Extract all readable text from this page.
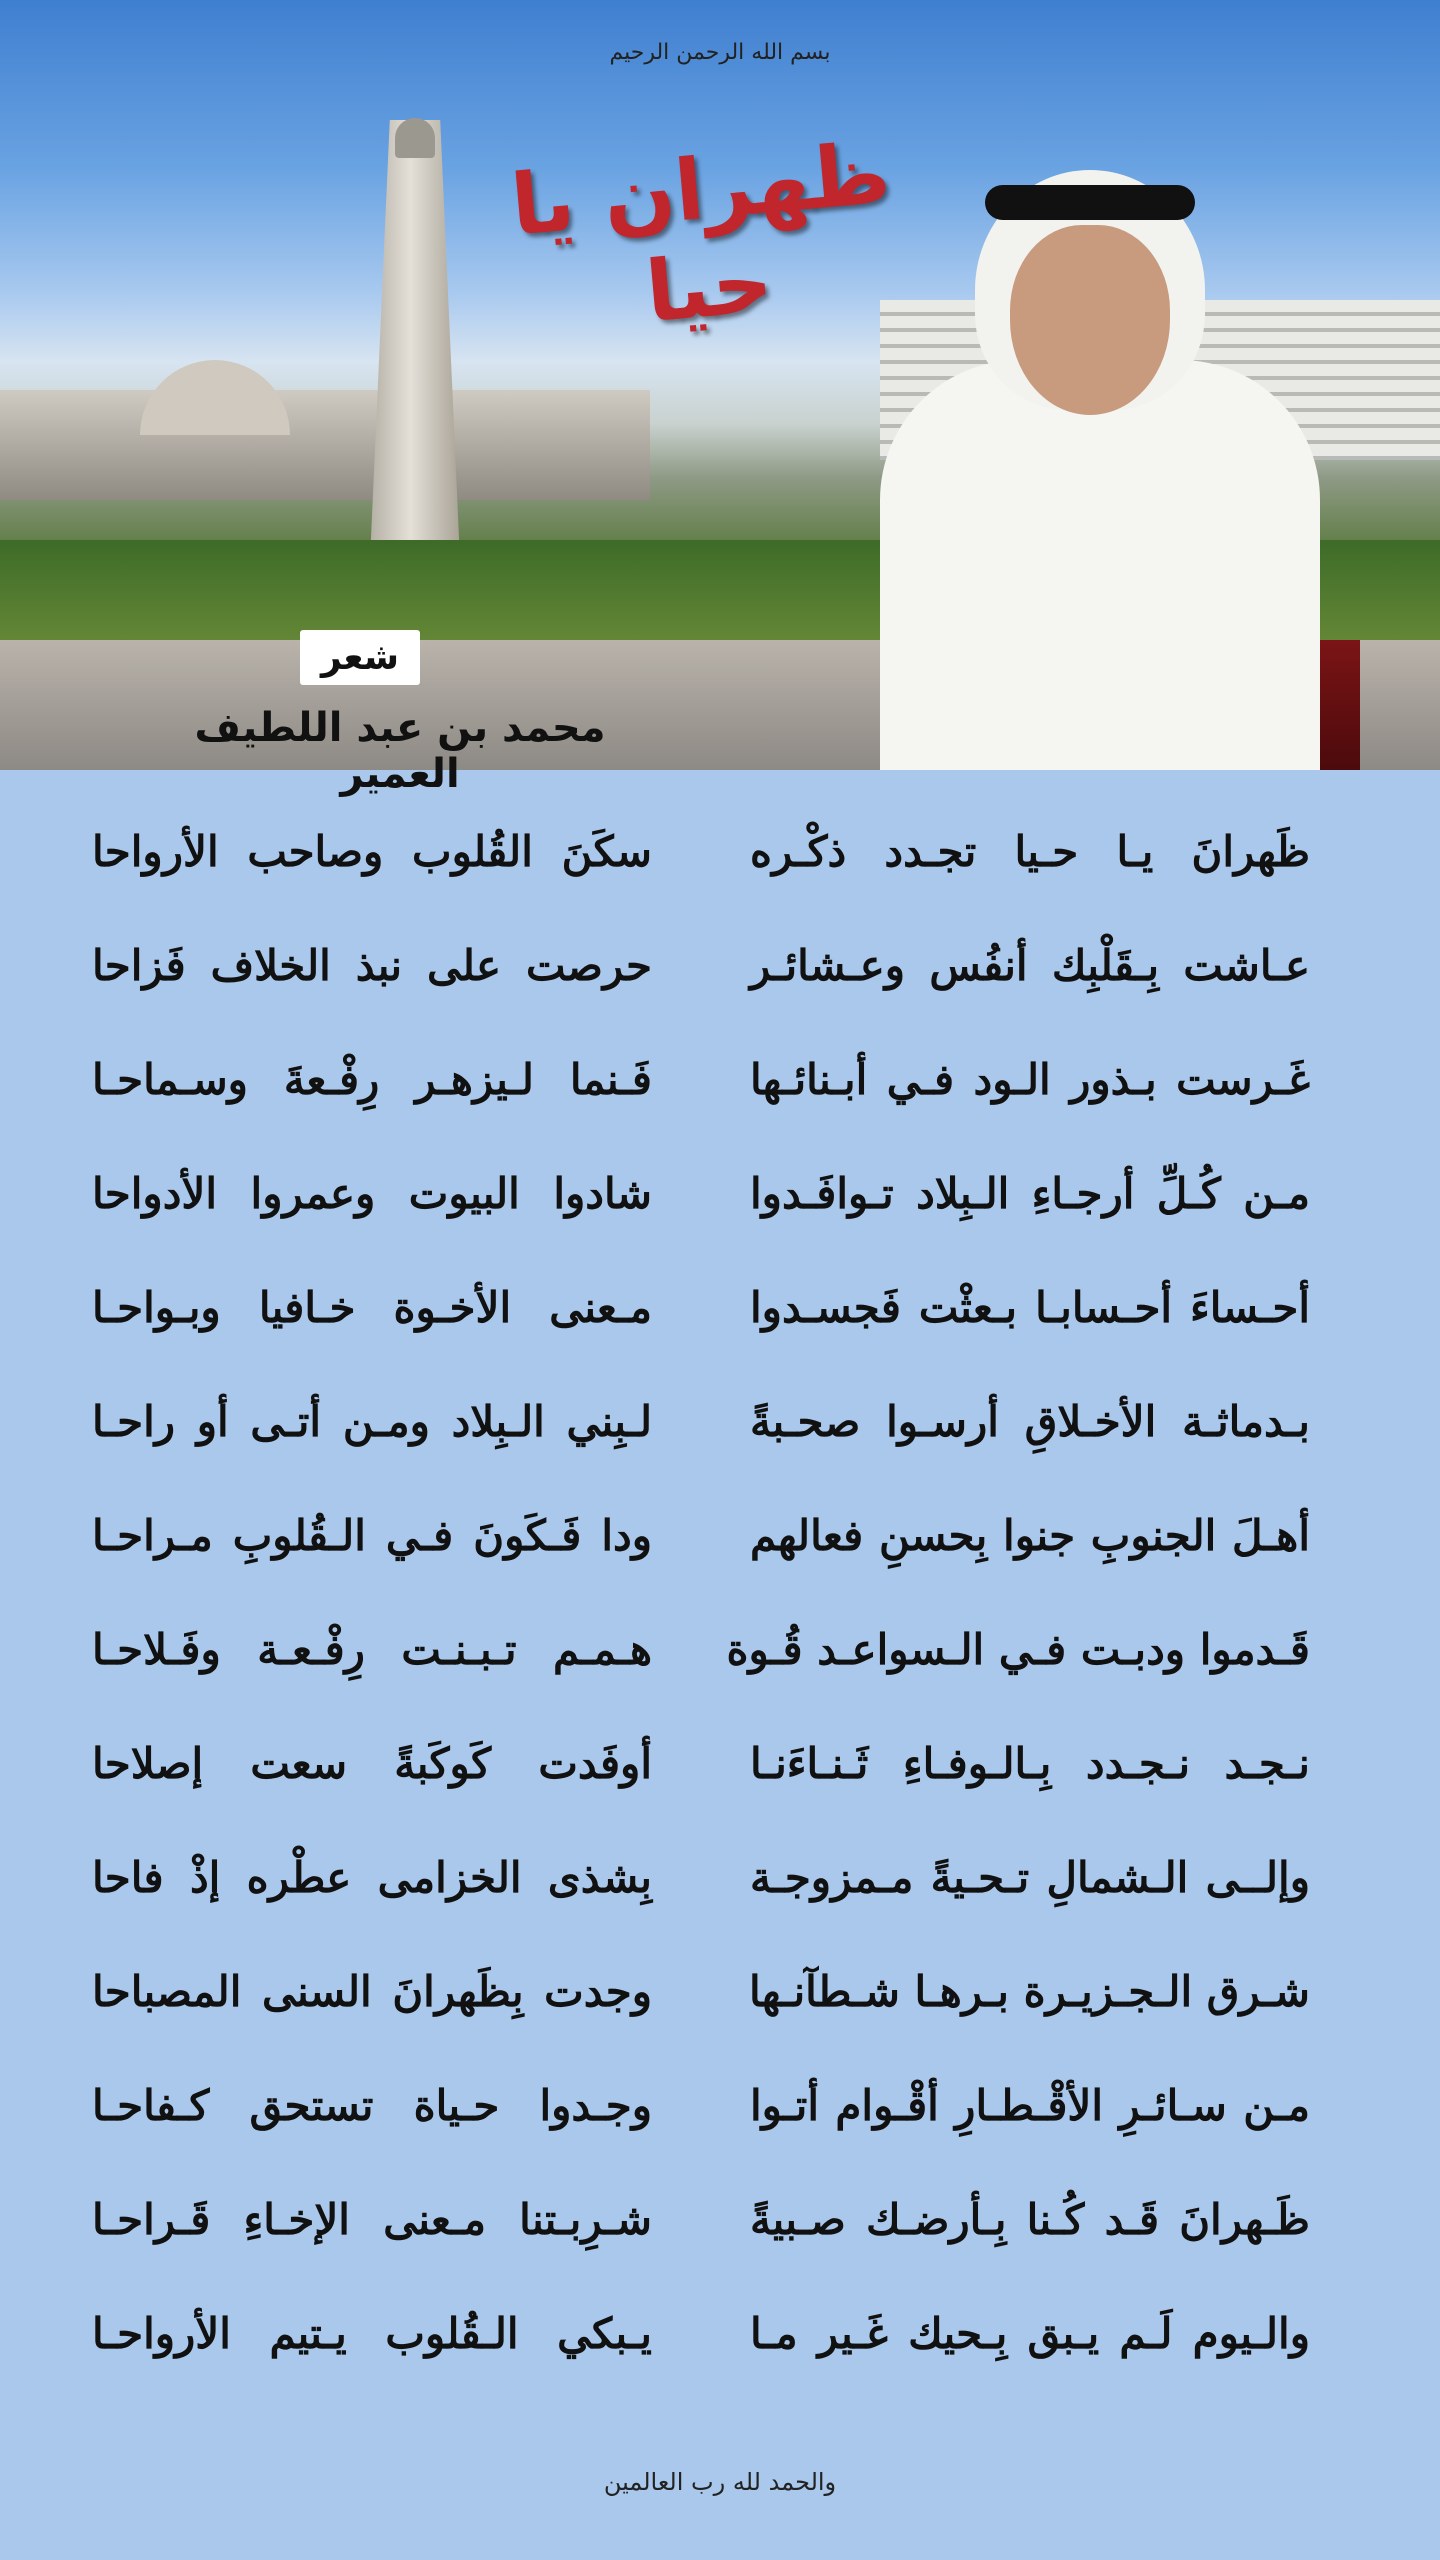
بسم الله الرحمن الرحيم
ظهران يا حيا
شعر
محمد بن عبد اللطيف العمير
ظَهرانَ يـا حـيا تجـدد ذكْـره
سكَنَ القُلوب وصاحب الأرواحا
عـاشت بِـقَلْبِك أنفُس وعـشائـر
حرصت على نبذ الخلاف فَزاحا
غَـرست بـذور الـود فـي أبـنائـها
فَـنما لـيزهـر رِفْـعةَ وسـماحـا
مـن كُـلِّ أرجـاءِ الـبِلاد تـوافَـدوا
شادوا البيوت وعمروا الأدواحا
أحـساءَ أحـسابـا بـعثْت فَجسـدوا
مـعنى الأخـوة خـافيا وبـواحـا
بـدماثـة الأخـلاقِ أرسـوا صحـبةً
لـبِني الـبِلاد ومـن أتـى أو راحـا
أهـلَ الجنوبِ جنوا بِحسنِ فعالهم
ودا فَـكَونَ فـي الـقُلوبِ مـراحـا
قَـدموا ودبـت فـي الـسواعـد قُـوة
هـمـم تـبـنـت رِفْـعـة وفَـلاحـا
نـجـد نـجـدد بِـالـوفـاءِ ثَـنـاءَنـا
أوفَدت كَوكَبةً سعت إصلاحا
وإلــى الـشمالِ تـحـيةً مـمزوجـة
بِشذى الخزامى عطْره إذْ فاحا
شـرق الـجـزيـرة بـرهـا شـطآنـها
وجدت بِظَهرانَ السنى المصباحا
مـن سـائـرِ الأقْـطـارِ أقْـوام أتـوا
وجـدوا حـياة تستحق كـفاحـا
ظَـهرانَ قَـد كُـنا بِـأرضـك صـبيةً
شـرِبـتنا مـعنى الإخـاءِ قَـراحـا
والـيوم لَـم يـبق بِـحيك غَـير مـا
يـبكي الـقُلوب يـتيم الأرواحـا
والحمد لله رب العالمين
